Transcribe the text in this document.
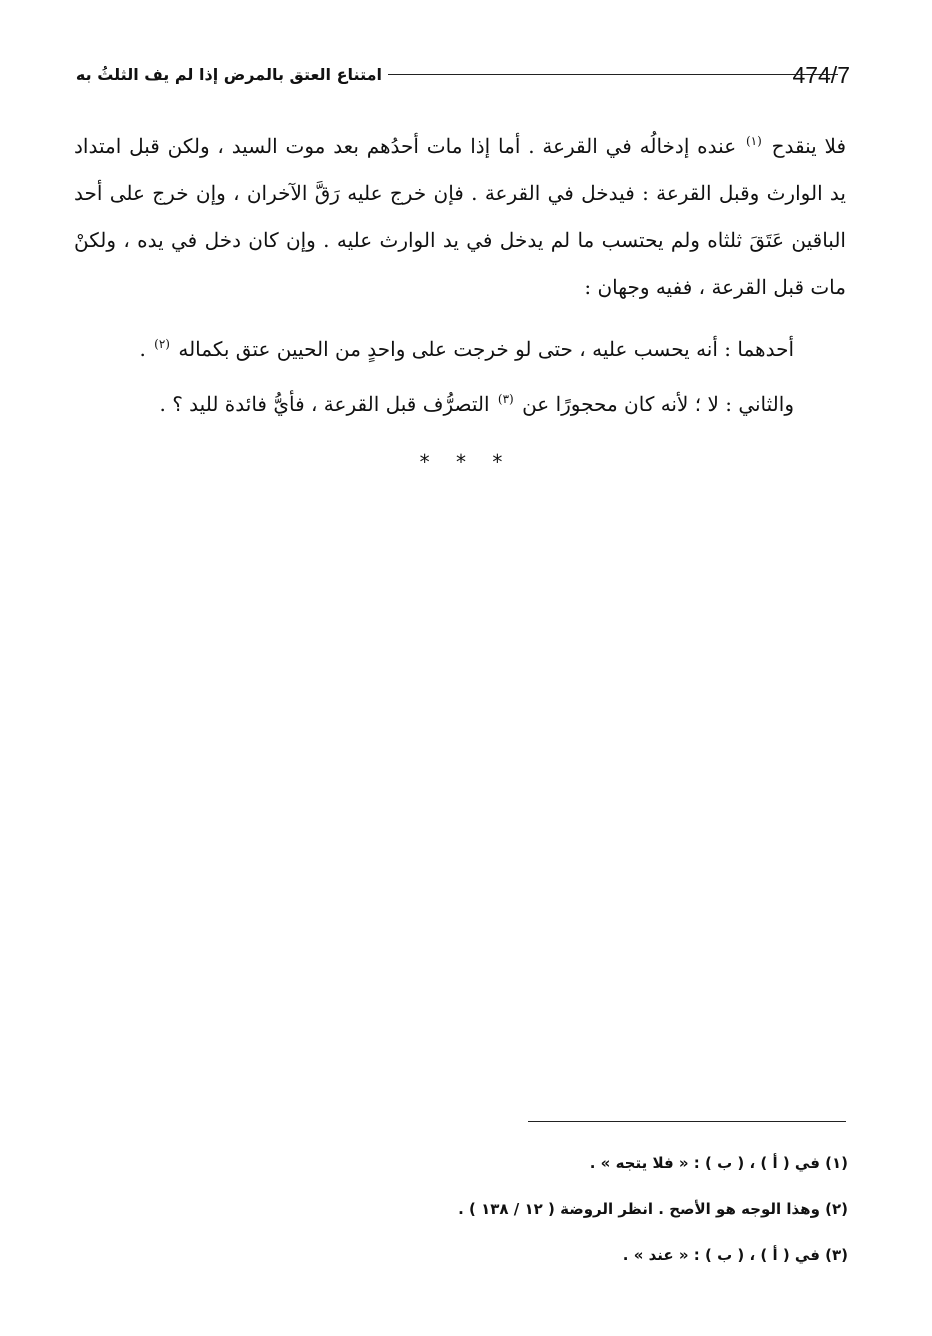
474/7
امتناع العتق بالمرض إذا لم يف الثلثُ به

فلا ينقدح $^{(١)}$ عنده إدخالُه في القرعة . أما إذا مات أحدُهم بعد موت السيد ، ولكن قبل امتداد
يد الوارث وقبل القرعة : فيدخل في القرعة . فإن خرج عليه رَقَّ الآخران ، وإن خرج على أحد
الباقين عَتَقَ ثلثاه ولم يحتسب ما لم يدخل في يد الوارث عليه . وإن كان دخل في يده ، ولكنْ
مات قبل القرعة ، ففيه وجهان :

أحدهما : أنه يحسب عليه ، حتى لو خرجت على واحدٍ من الحيين عتق بكماله $^{(٢)}$ .
والثاني : لا ؛ لأنه كان محجورًا عن $^{(٣)}$ التصرُّف قبل القرعة ، فأيُّ فائدة لليد ؟ .
* * *
(١) في ( أ ) ، ( ب ) : « فلا يتجه » .
(٢) وهذا الوجه هو الأصح . انظر الروضة ( ١٢ / ١٣٨ ) .
(٣) في ( أ ) ، ( ب ) : « عند » .
